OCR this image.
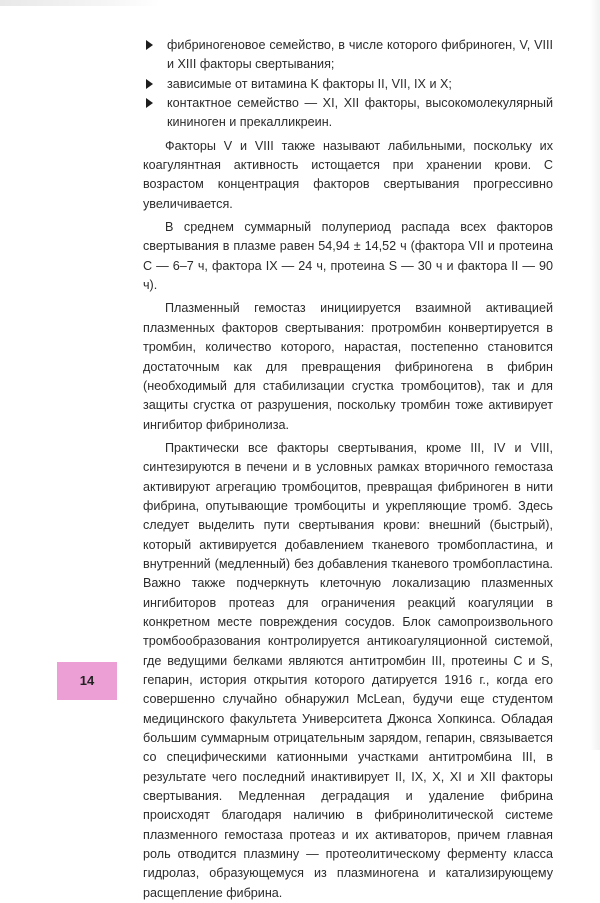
фибриногеновое семейство, в числе которого фибриноген, V, VIII и XIII факторы свертывания;
зависимые от витамина K факторы II, VII, IX и X;
контактное семейство — XI, XII факторы, высокомолекулярный кининоген и прекалликреин.

Факторы V и VIII также называют лабильными, поскольку их коагулянтная активность истощается при хранении крови. С возрастом концентрация факторов свертывания прогрессивно увеличивается.

В среднем суммарный полупериод распада всех факторов свертывания в плазме равен 54,94 ± 14,52 ч (фактора VII и протеина C — 6–7 ч, фактора IX — 24 ч, протеина S — 30 ч и фактора II — 90 ч).

Плазменный гемостаз инициируется взаимной активацией плазменных факторов свертывания: протромбин конвертируется в тромбин, количество которого, нарастая, постепенно становится достаточным как для превращения фибриногена в фибрин (необходимый для стабилизации сгустка тромбоцитов), так и для защиты сгустка от разрушения, поскольку тромбин тоже активирует ингибитор фибринолиза.

Практически все факторы свертывания, кроме III, IV и VIII, синтезируются в печени и в условных рамках вторичного гемостаза активируют агрегацию тромбоцитов, превращая фибриноген в нити фибрина, опутывающие тромбоциты и укрепляющие тромб. Здесь следует выделить пути свертывания крови: внешний (быстрый), который активируется добавлением тканевого тромбопластина, и внутренний (медленный) без добавления тканевого тромбопластина. Важно также подчеркнуть клеточную локализацию плазменных ингибиторов протеаз для ограничения реакций коагуляции в конкретном месте повреждения сосудов. Блок самопроизвольного тромбообразования контролируется антикоагуляционной системой, где ведущими белками являются антитромбин III, протеины C и S, гепарин, история открытия которого датируется 1916 г., когда его совершенно случайно обнаружил McLean, будучи еще студентом медицинского факультета Университета Джонса Хопкинса. Обладая большим суммарным отрицательным зарядом, гепарин, связывается со специфическими катионными участками антитромбина III, в результате чего последний инактивирует II, IX, X, XI и XII факторы свертывания. Медленная деградация и удаление фибрина происходят благодаря наличию в фибринолитической системе плазменного гемостаза протеаз и их активаторов, причем главная роль отводится плазмину — протеолитическому ферменту класса гидролаз, образующемуся из плазминогена и катализирующему расщепление фибрина.

14
